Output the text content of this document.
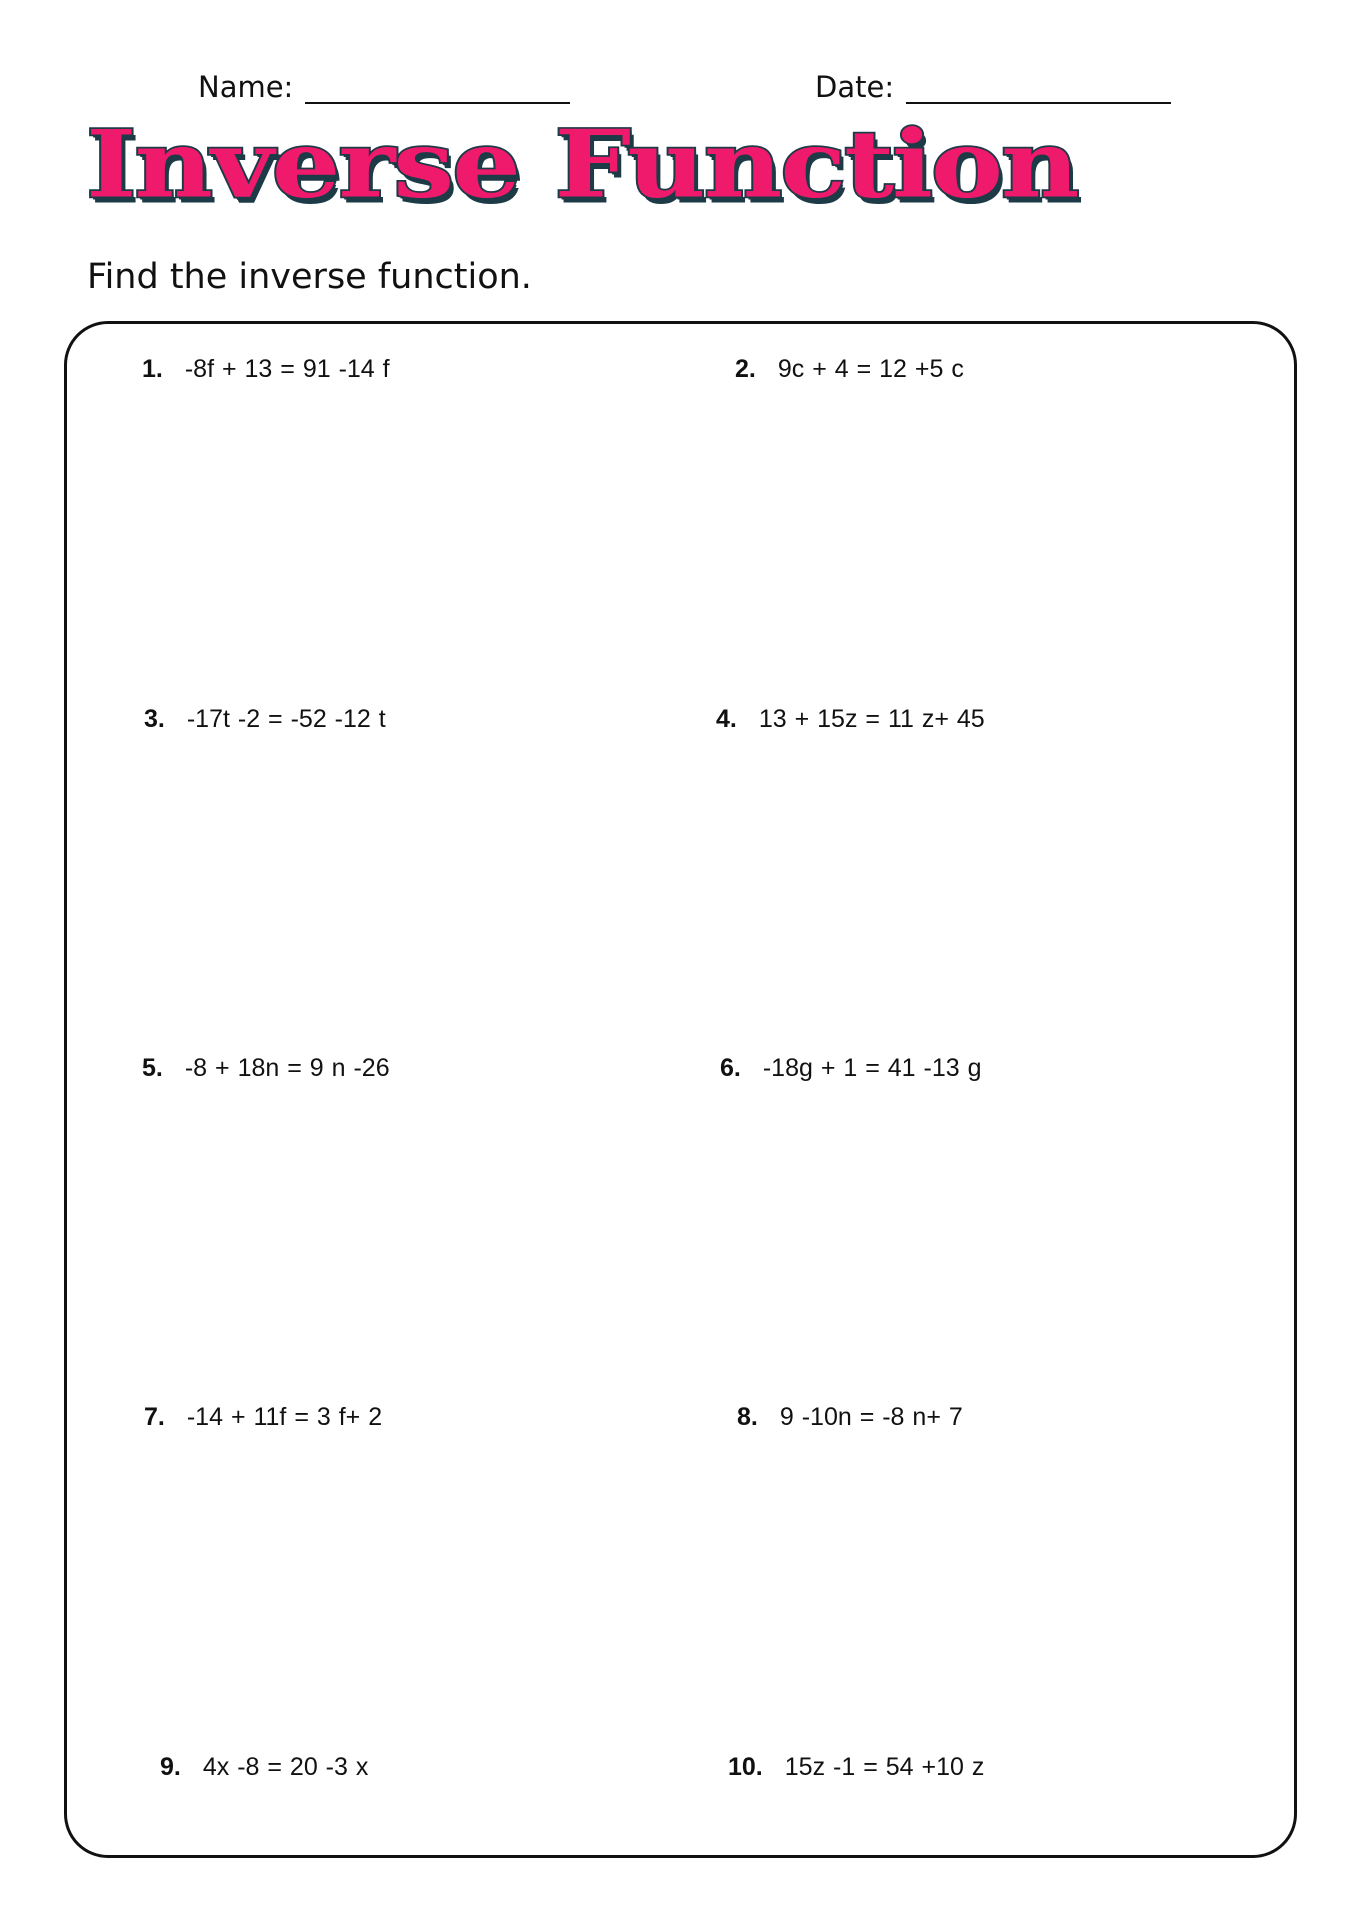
Name:	Date:
Inverse Function
Find the inverse function.
1. -8f + 13 = 91 -14 f	2. 9c + 4 = 12 +5 c
3. -17t -2 = -52 -12 t	4. 13 + 15z = 11 z+ 45
5. -8 + 18n = 9 n -26	6. -18g + 1 = 41 -13 g
7. -14 + 11f = 3 f+ 2	8. 9 -10n = -8 n+ 7
9. 4x -8 = 20 -3 x	10. 15z -1 = 54 +10 z
